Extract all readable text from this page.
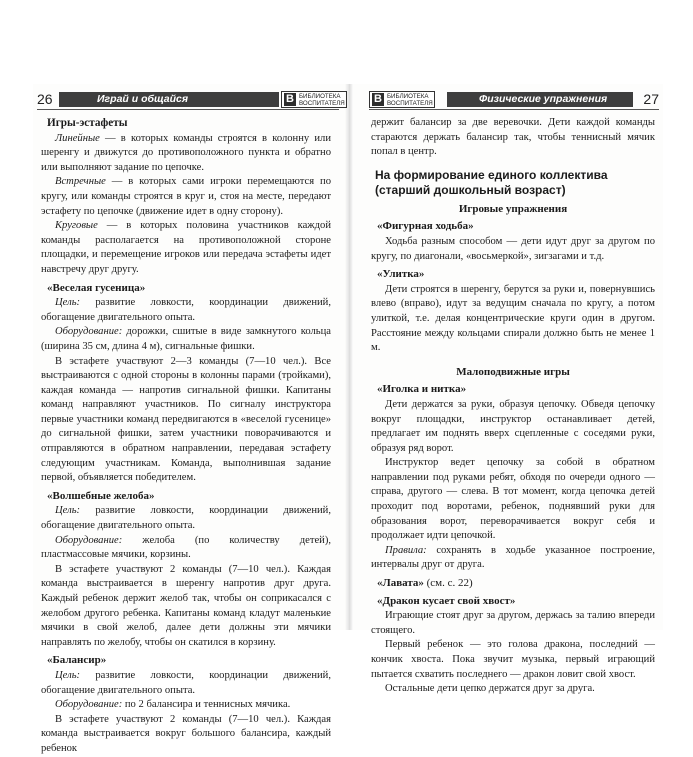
26	Играй и общайся	B БИБЛИОТЕКА
ВОСПИТАТЕЛЯ
Игры-эстафеты

Линейные — в которых команды строятся в колонну или шеренгу и движутся до противоположного пункта и обратно или выполняют задание по цепочке.

Встречные — в которых сами игроки перемещаются по кругу, или команды строятся в круг и, стоя на месте, передают эстафету по цепочке (движение идет в одну сторону).

Круговые — в которых половина участников каждой команды располагается на противоположной стороне площадки, и перемещение игроков или передача эстафеты идет навстречу друг другу.

«Веселая гусеница»

Цель: развитие ловкости, координации движений, обогащение двигательного опыта.

Оборудование: дорожки, сшитые в виде замкнутого кольца (ширина 35 см, длина 4 м), сигнальные фишки.

В эстафете участвуют 2—3 команды (7—10 чел.). Все выстраиваются с одной стороны в колонны парами (тройками), каждая команда — напротив сигнальной фишки. Капитаны команд направляют участников. По сигналу инструктора первые участники команд передвигаются в «веселой гусенице» до сигнальной фишки, затем участники поворачиваются и отправляются в обратном направлении, передавая эстафету следующим участникам. Команда, выполнившая задание первой, объявляется победителем.

«Волшебные желоба»

Цель: развитие ловкости, координации движений, обогащение двигательного опыта.

Оборудование: желоба (по количеству детей), пластмассовые мячики, корзины.

В эстафете участвуют 2 команды (7—10 чел.). Каждая команда выстраивается в шеренгу напротив друг друга. Каждый ребенок держит желоб так, чтобы он соприкасался с желобом другого ребенка. Капитаны команд кладут маленькие мячики в свой желоб, далее дети должны эти мячики направлять по желобу, чтобы он скатился в корзину.

«Балансир»

Цель: развитие ловкости, координации движений, обогащение двигательного опыта.

Оборудование: по 2 балансира и теннисных мячика.

В эстафете участвуют 2 команды (7—10 чел.). Каждая команда выстраивается вокруг большого балансира, каждый ребенок

B БИБЛИОТЕКА
ВОСПИТАТЕЛЯ	Физические упражнения	27

держит балансир за две веревочки. Дети каждой команды стараются держать балансир так, чтобы теннисный мячик попал в центр.

На формирование единого коллектива (старший дошкольный возраст)
Игровые упражнения
«Фигурная ходьба»

Ходьба разным способом — дети идут друг за другом по кругу, по диагонали, «восьмеркой», зигзагами и т.д.

«Улитка»

Дети строятся в шеренгу, берутся за руки и, повернувшись влево (вправо), идут за ведущим сначала по кругу, а потом улиткой, т.е. делая концентрические круги один в другом. Расстояние между кольцами спирали должно быть не менее 1 м.

Малоподвижные игры
«Иголка и нитка»

Дети держатся за руки, образуя цепочку. Обведя цепочку вокруг площадки, инструктор останавливает детей, предлагает им поднять вверх сцепленные с соседями руки, образуя ряд ворот.

Инструктор ведет цепочку за собой в обратном направлении под руками ребят, обходя по очереди одного — справа, другого — слева. В тот момент, когда цепочка детей проходит под воротами, ребенок, поднявший руки для образования ворот, переворачивается вокруг себя и продолжает идти цепочкой.

Правила: сохранять в ходьбе указанное построение, интервалы друг от друга.

«Лавата» (см. с. 22)
«Дракон кусает свой хвост»

Играющие стоят друг за другом, держась за талию впереди стоящего.

Первый ребенок — это голова дракона, последний — кончик хвоста. Пока звучит музыка, первый играющий пытается схватить последнего — дракон ловит свой хвост.

Остальные дети цепко держатся друг за друга.
